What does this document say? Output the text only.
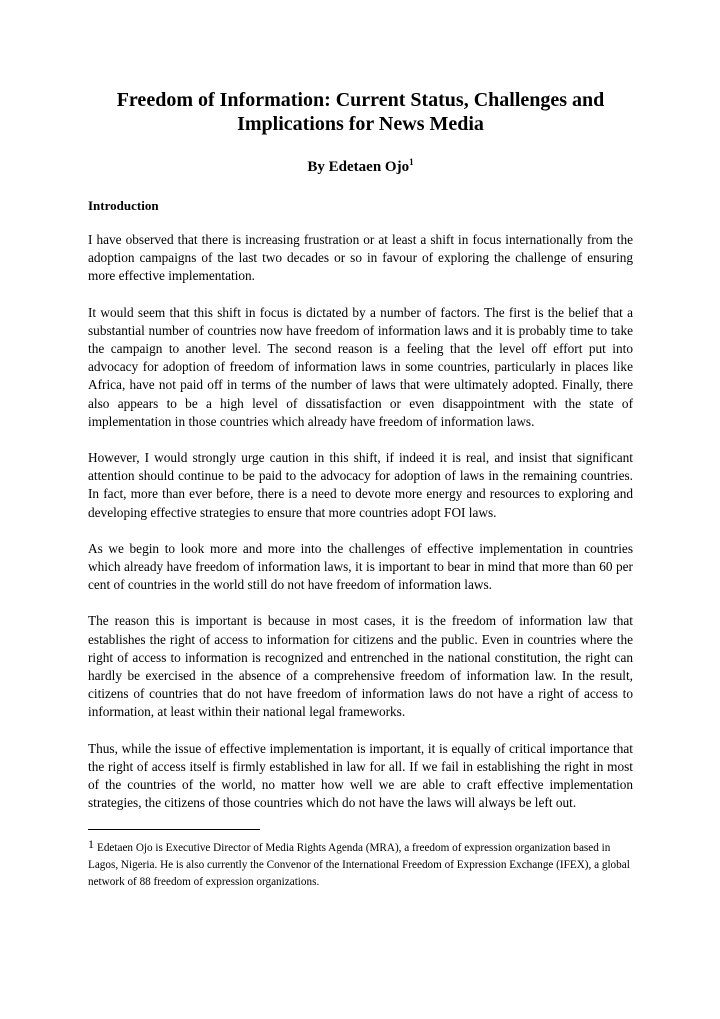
Freedom of Information: Current Status, Challenges and Implications for News Media

By Edetaen Ojo$^1$

Introduction

I have observed that there is increasing frustration or at least a shift in focus internationally from the adoption campaigns of the last two decades or so in favour of exploring the challenge of ensuring more effective implementation.

It would seem that this shift in focus is dictated by a number of factors. The first is the belief that a substantial number of countries now have freedom of information laws and it is probably time to take the campaign to another level. The second reason is a feeling that the level off effort put into advocacy for adoption of freedom of information laws in some countries, particularly in places like Africa, have not paid off in terms of the number of laws that were ultimately adopted. Finally, there also appears to be a high level of dissatisfaction or even disappointment with the state of implementation in those countries which already have freedom of information laws.

However, I would strongly urge caution in this shift, if indeed it is real, and insist that significant attention should continue to be paid to the advocacy for adoption of laws in the remaining countries. In fact, more than ever before, there is a need to devote more energy and resources to exploring and developing effective strategies to ensure that more countries adopt FOI laws.

As we begin to look more and more into the challenges of effective implementation in countries which already have freedom of information laws, it is important to bear in mind that more than 60 per cent of countries in the world still do not have freedom of information laws.

The reason this is important is because in most cases, it is the freedom of information law that establishes the right of access to information for citizens and the public. Even in countries where the right of access to information is recognized and entrenched in the national constitution, the right can hardly be exercised in the absence of a comprehensive freedom of information law. In the result, citizens of countries that do not have freedom of information laws do not have a right of access to information, at least within their national legal frameworks.

Thus, while the issue of effective implementation is important, it is equally of critical importance that the right of access itself is firmly established in law for all. If we fail in establishing the right in most of the countries of the world, no matter how well we are able to craft effective implementation strategies, the citizens of those countries which do not have the laws will always be left out.

$^1$ Edetaen Ojo is Executive Director of Media Rights Agenda (MRA), a freedom of expression organization based in Lagos, Nigeria. He is also currently the Convenor of the International Freedom of Expression Exchange (IFEX), a global network of 88 freedom of expression organizations.
